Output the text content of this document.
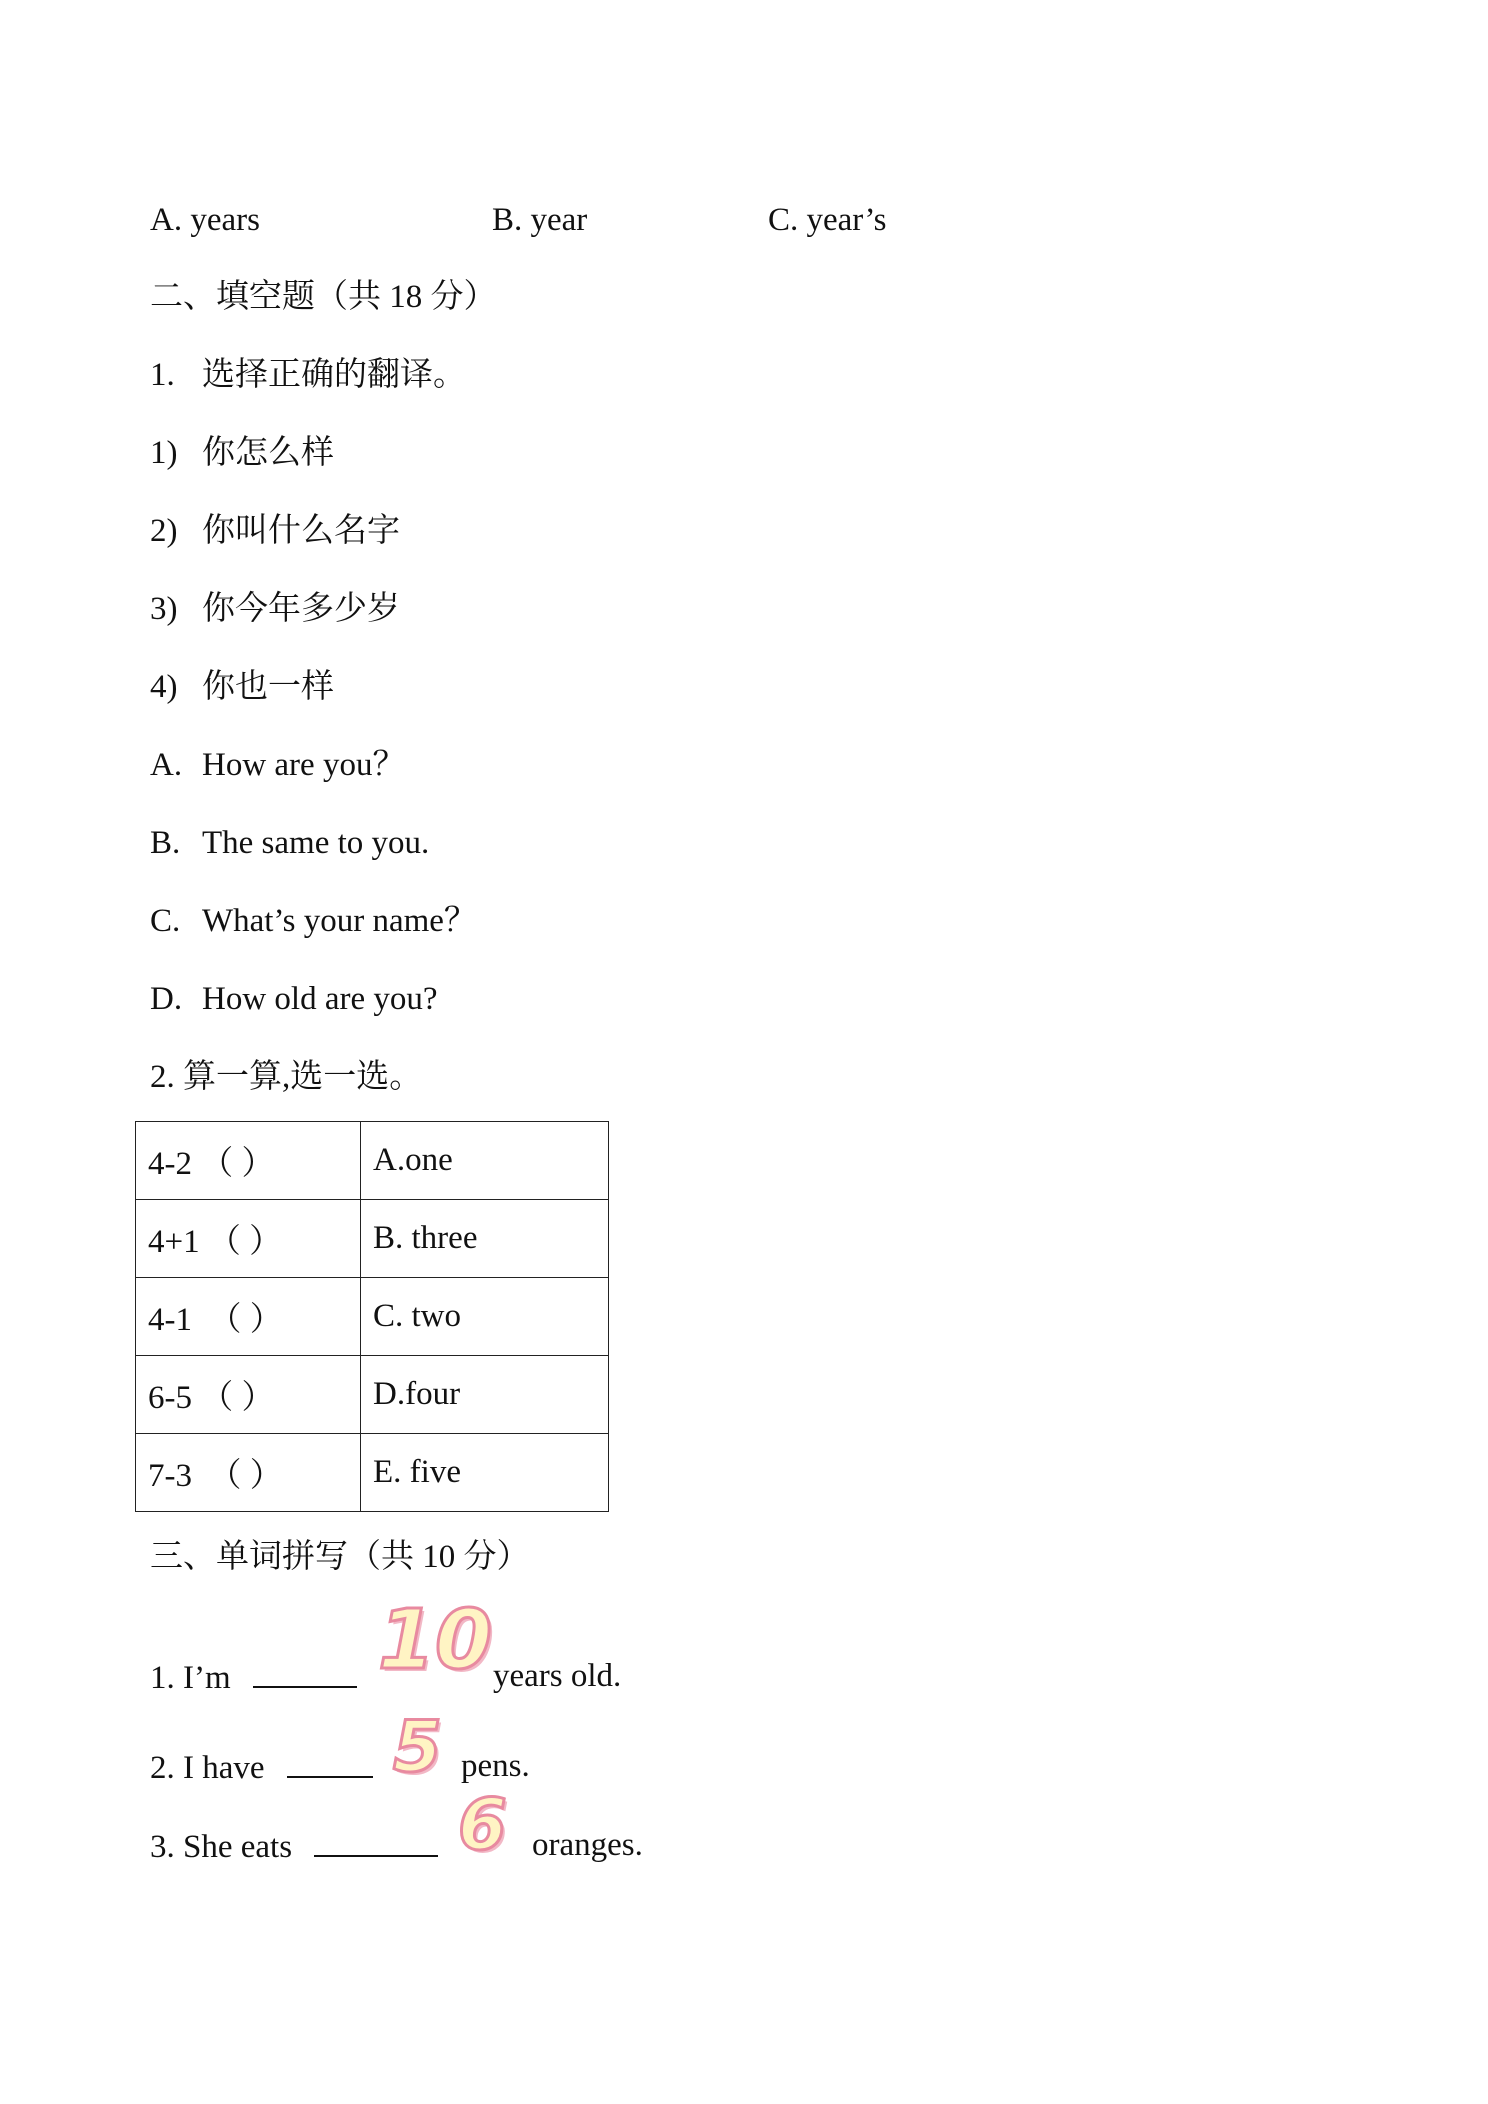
A. years	B. year	C. year’s
二、填空题（共 18 分）
1. 选择正确的翻译。
1) 你怎么样
2) 你叫什么名字
3) 你今年多少岁
4) 你也一样
A. How are you？
B. The same to you.
C. What’s your name？
D. How old are you?
2. 算一算,选一选。
4-2 （ ）	A.one
4+1 （ ）	B. three
4-1 （ ）	C. two
6-5 （ ）	D.four
7-3 （ ）	E. five
三、单词拼写（共 10 分）
1. I’m	10 years old.
2. I have	5 pens.
3. She eats	6 oranges.
